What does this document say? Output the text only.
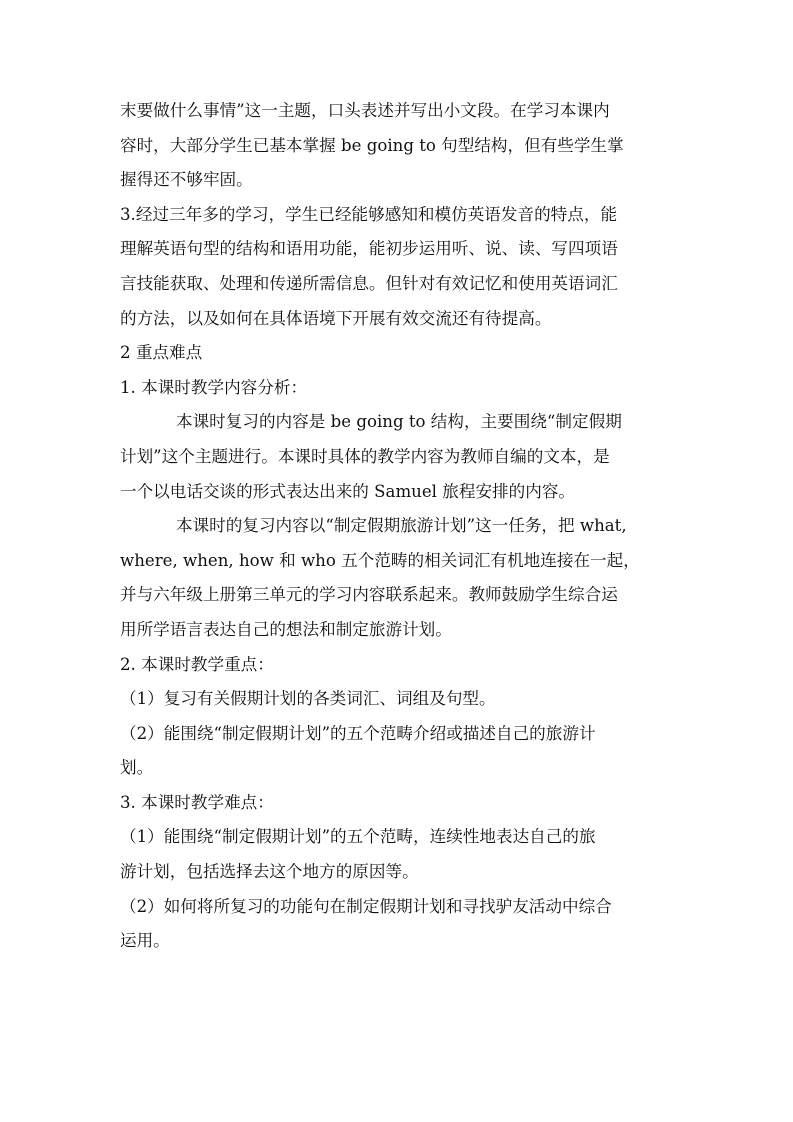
末要做什么事情”这一主题，口头表述并写出小文段。在学习本课内
容时，大部分学生已基本掌握 be going to 句型结构，但有些学生掌
握得还不够牢固。
3.经过三年多的学习，学生已经能够感知和模仿英语发音的特点，能
理解英语句型的结构和语用功能，能初步运用听、说、读、写四项语
言技能获取、处理和传递所需信息。但针对有效记忆和使用英语词汇
的方法，以及如何在具体语境下开展有效交流还有待提高。
2 重点难点
1. 本课时教学内容分析：
本课时复习的内容是 be going to 结构，主要围绕“制定假期
计划”这个主题进行。本课时具体的教学内容为教师自编的文本，是
一个以电话交谈的形式表达出来的 Samuel 旅程安排的内容。
本课时的复习内容以“制定假期旅游计划”这一任务，把 what,
where, when, how 和 who 五个范畴的相关词汇有机地连接在一起，
并与六年级上册第三单元的学习内容联系起来。教师鼓励学生综合运
用所学语言表达自己的想法和制定旅游计划。
2. 本课时教学重点：
（1）复习有关假期计划的各类词汇、词组及句型。
（2）能围绕“制定假期计划”的五个范畴介绍或描述自己的旅游计
划。
3. 本课时教学难点：
（1）能围绕“制定假期计划”的五个范畴，连续性地表达自己的旅
游计划，包括选择去这个地方的原因等。
（2）如何将所复习的功能句在制定假期计划和寻找驴友活动中综合
运用。
